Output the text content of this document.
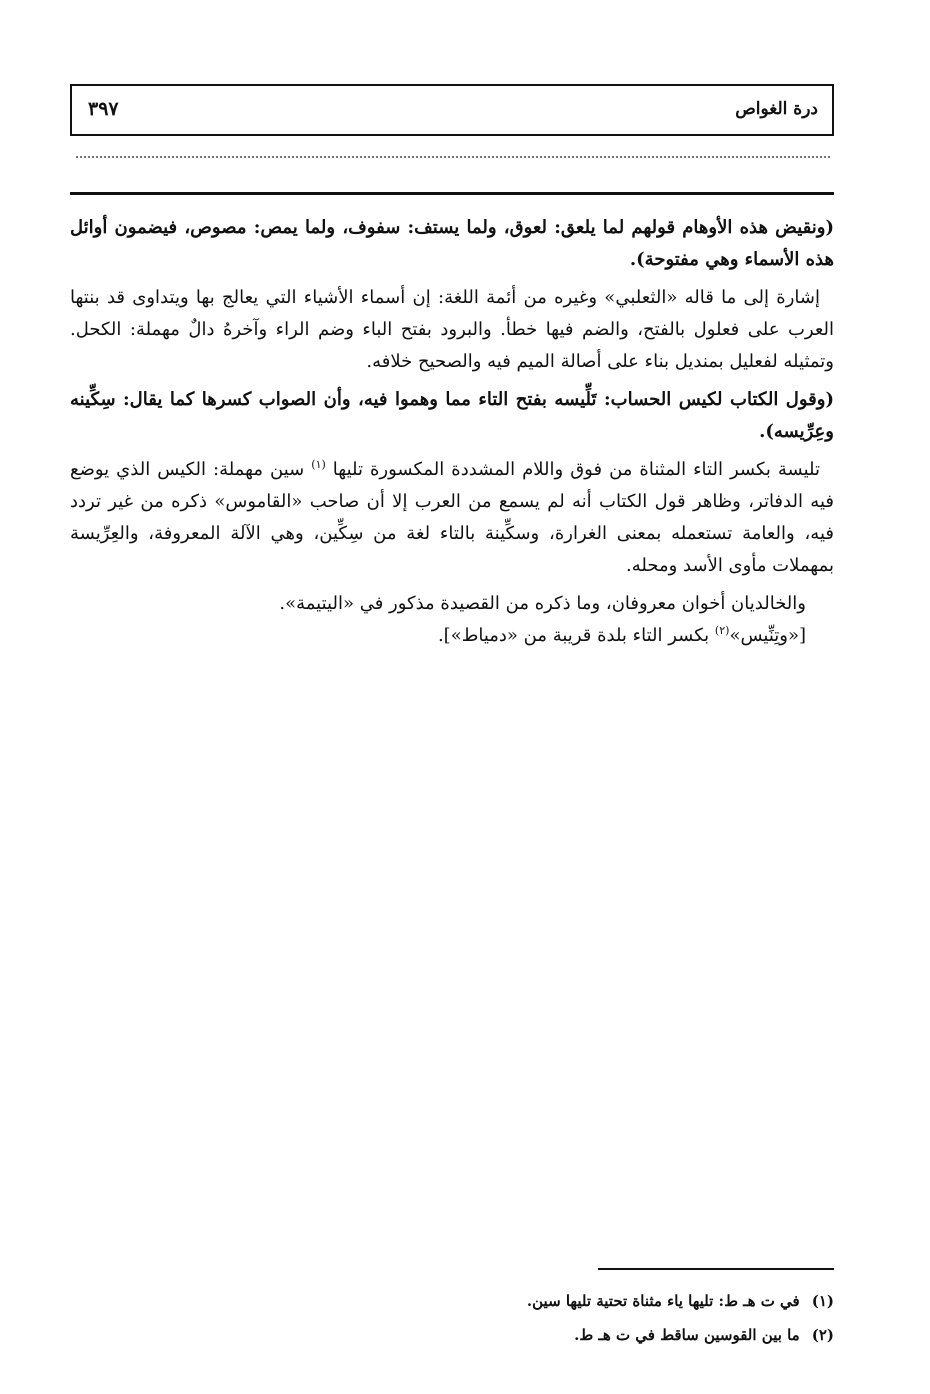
درة الغواص
٣٩٧

(ونقيض هذه الأوهام قولهم لما يلعق: لعوق، ولما يستف: سفوف، ولما يمص: مصوص، فيضمون أوائل هذه الأسماء وهي مفتوحة).

إشارة إلى ما قاله «الثعلبي» وغيره من أئمة اللغة: إن أسماء الأشياء التي يعالج بها ويتداوى قد بنتها العرب على فعلول بالفتح، والضم فيها خطأ. والبرود بفتح الباء وضم الراء وآخرهُ دالٌ مهملة: الكحل. وتمثيله لفعليل بمنديل بناء على أصالة الميم فيه والصحيح خلافه.

(وقول الكتاب لكيس الحساب: تَلِّيسه بفتح التاء مما وهموا فيه، وأن الصواب كسرها كما يقال: سِكِّينه وعِرِّيسه).

تليسة بكسر التاء المثناة من فوق واللام المشددة المكسورة تليها $^{(١)}$ سين مهملة: الكيس الذي يوضع فيه الدفاتر، وظاهر قول الكتاب أنه لم يسمع من العرب إلا أن صاحب «القاموس» ذكره من غير تردد فيه، والعامة تستعمله بمعنى الغرارة، وسكِّينة بالتاء لغة من سِكِّين، وهي الآلة المعروفة، والعِرِّيسة بمهملات مأوى الأسد ومحله.

والخالديان أخوان معروفان، وما ذكره من القصيدة مذكور في «اليتيمة».

[«وتِنِّيس»$^{(٢)}$ بكسر التاء بلدة قريبة من «دمياط»].

(١)في ت هـ ط: تليها ياء مثناة تحتية تليها سين.
(٢)ما بين القوسين ساقط في ت هـ ط.
